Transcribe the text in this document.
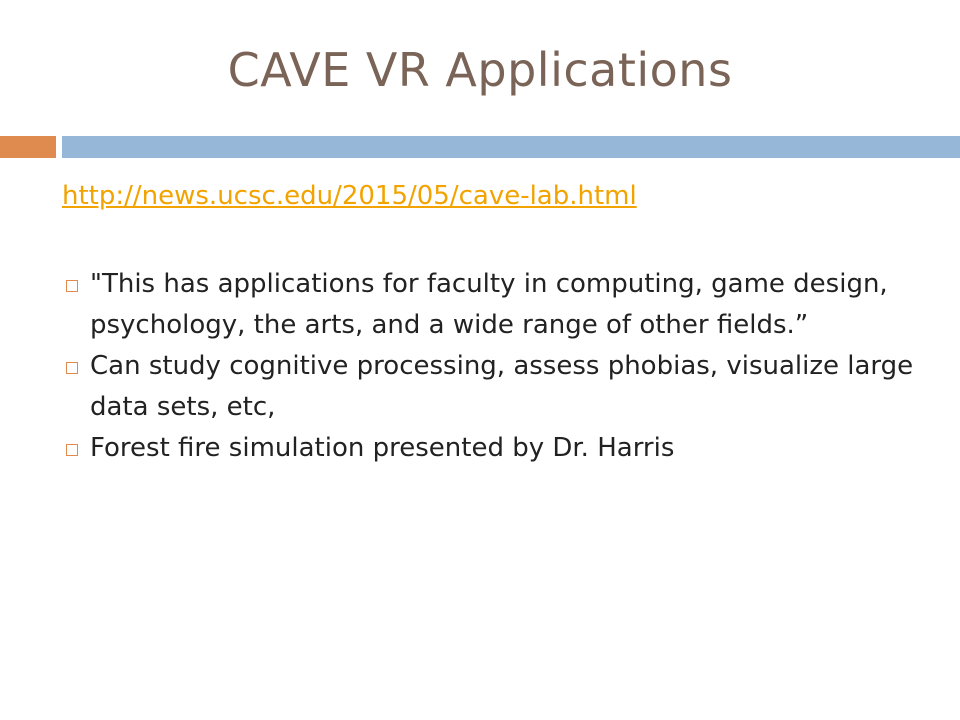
CAVE VR Applications
http://news.ucsc.edu/2015/05/cave-lab.html
"This has applications for faculty in computing, game design, psychology, the arts, and a wide range of other fields.”
Can study cognitive processing, assess phobias, visualize large data sets, etc,
Forest fire simulation presented by Dr. Harris
